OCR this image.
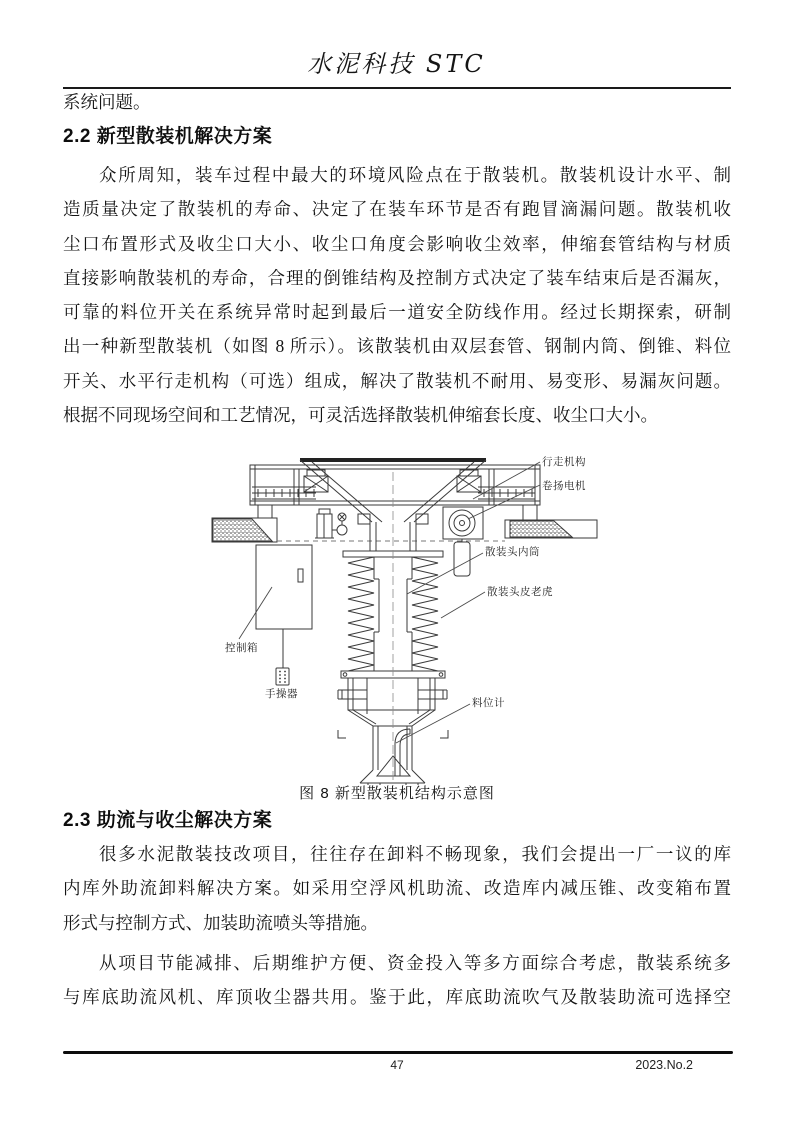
水泥科技 STC
系统问题。
2.2 新型散装机解决方案
众所周知，装车过程中最大的环境风险点在于散装机。散装机设计水平、制
造质量决定了散装机的寿命、决定了在装车环节是否有跑冒滴漏问题。散装机收
尘口布置形式及收尘口大小、收尘口角度会影响收尘效率，伸缩套管结构与材质
直接影响散装机的寿命，合理的倒锥结构及控制方式决定了装车结束后是否漏灰，
可靠的料位开关在系统异常时起到最后一道安全防线作用。经过长期探索，研制
出一种新型散装机（如图 8 所示）。该散装机由双层套管、钢制内筒、倒锥、料位
开关、水平行走机构（可选）组成，解决了散装机不耐用、易变形、易漏灰问题。
根据不同现场空间和工艺情况，可灵活选择散装机伸缩套长度、收尘口大小。
行走机构
卷扬电机
散装头内筒
散装头皮老虎
控制箱
手操器
料位计
图 8 新型散装机结构示意图
2.3 助流与收尘解决方案
很多水泥散装技改项目，往往存在卸料不畅现象，我们会提出一厂一议的库
内库外助流卸料解决方案。如采用空浮风机助流、改造库内减压锥、改变箱布置
形式与控制方式、加装助流喷头等措施。
从项目节能减排、后期维护方便、资金投入等多方面综合考虑，散装系统多
与库底助流风机、库顶收尘器共用。鉴于此，库底助流吹气及散装助流可选择空
47	2023.No.2
